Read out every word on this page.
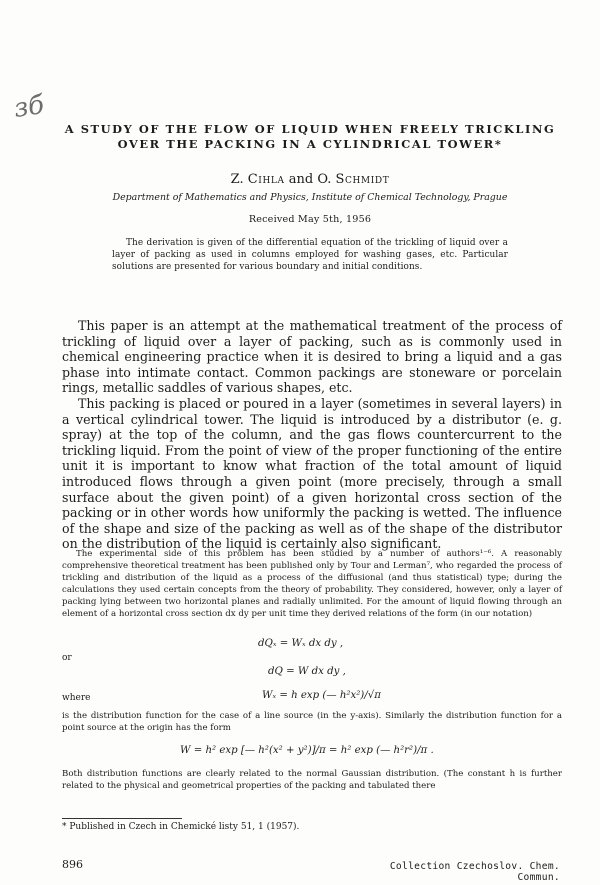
зб
A STUDY OF THE FLOW OF LIQUID WHEN FREELY TRICKLING
OVER THE PACKING IN A CYLINDRICAL TOWER*
Z. Cihla and O. Schmidt
Department of Mathematics and Physics, Institute of Chemical Technology, Prague
Received May 5th, 1956
The derivation is given of the differential equation of the trickling of liquid over a layer of packing as used in columns employed for washing gases, etc. Particular solutions are presented for various boundary and initial conditions.

This paper is an attempt at the mathematical treatment of the process of trickling of liquid over a layer of packing, such as is commonly used in chemical engineering practice when it is desired to bring a liquid and a gas phase into intimate contact. Common packings are stoneware or porcelain rings, metallic saddles of various shapes, etc.

This packing is placed or poured in a layer (sometimes in several layers) in a vertical cylindrical tower. The liquid is introduced by a distributor (e. g. spray) at the top of the column, and the gas flows countercurrent to the trickling liquid. From the point of view of the proper functioning of the entire unit it is important to know what fraction of the total amount of liquid introduced flows through a given point (more precisely, through a small surface about the given point) of a given horizontal cross section of the packing or in other words how uniformly the packing is wetted. The influence of the shape and size of the packing as well as of the shape of the distributor on the distribution of the liquid is certainly also significant.

The experimental side of this problem has been studied by a number of authors¹⁻⁶. A reasonably comprehensive theoretical treatment has been published only by Tour and Lerman⁷, who regarded the process of trickling and distribution of the liquid as a process of the diffusional (and thus statistical) type; during the calculations they used certain concepts from the theory of probability. They considered, however, only a layer of packing lying between two horizontal planes and radially unlimited. For the amount of liquid flowing through an element of a horizontal cross section dx dy per unit time they derived relations of the form (in our notation)

dQₓ = Wₓ dx dy ,
or
dQ = W dx dy ,
where	Wₓ = h exp (— h²x²)/√π

is the distribution function for the case of a line source (in the y-axis). Similarly the distribution function for a point source at the origin has the form

W = h² exp [— h²(x² + y²)]/π = h² exp (— h²r²)/π .

Both distribution functions are clearly related to the normal Gaussian distribution. (The constant h is further related to the physical and geometrical properties of the packing and tabulated there

* Published in Czech in Chemické listy 51, 1 (1957).
896	Collection Czechoslov. Chem. Commun.
